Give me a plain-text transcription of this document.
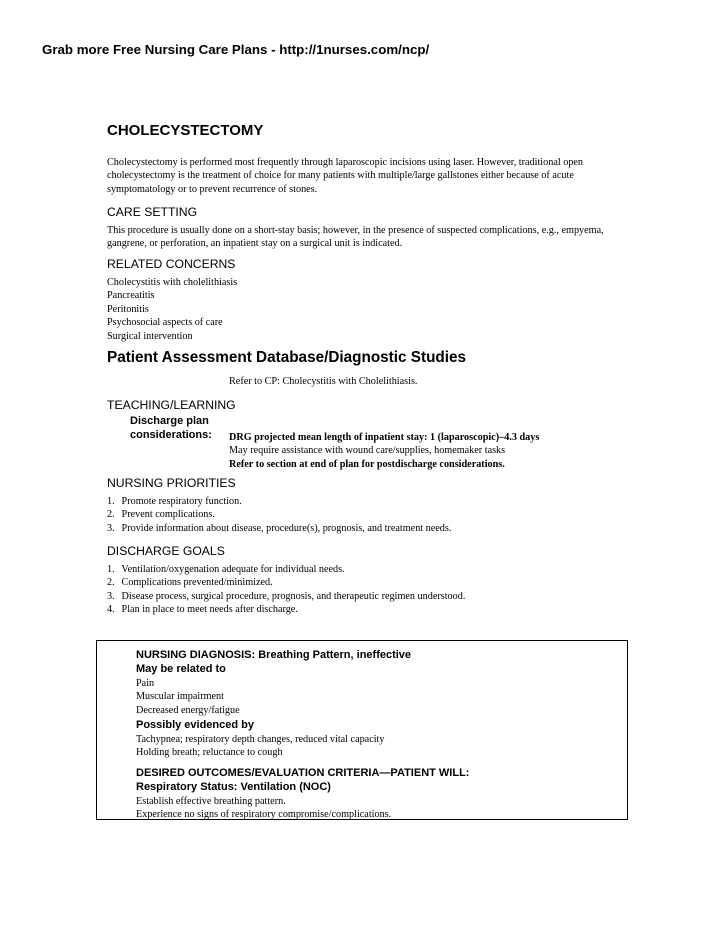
Grab more Free Nursing Care Plans - http://1nurses.com/ncp/
CHOLECYSTECTOMY
Cholecystectomy is performed most frequently through laparoscopic incisions using laser. However, traditional open cholecystectomy is the treatment of choice for many patients with multiple/large gallstones either because of acute symptomatology or to prevent recurrence of stones.
CARE SETTING
This procedure is usually done on a short-stay basis; however, in the presence of suspected complications, e.g., empyema, gangrene, or perforation, an inpatient stay on a surgical unit is indicated.
RELATED CONCERNS
Cholecystitis with cholelithiasis
Pancreatitis
Peritonitis
Psychosocial aspects of care
Surgical intervention
Patient Assessment Database/Diagnostic Studies
Refer to CP: Cholecystitis with Cholelithiasis.
TEACHING/LEARNING
Discharge plan
considerations: DRG projected mean length of inpatient stay: 1 (laparoscopic)–4.3 days
May require assistance with wound care/supplies, homemaker tasks
Refer to section at end of plan for postdischarge considerations.
NURSING PRIORITIES
1. Promote respiratory function.
2. Prevent complications.
3. Provide information about disease, procedure(s), prognosis, and treatment needs.
DISCHARGE GOALS
1. Ventilation/oxygenation adequate for individual needs.
2. Complications prevented/minimized.
3. Disease process, surgical procedure, prognosis, and therapeutic regimen understood.
4. Plan in place to meet needs after discharge.
NURSING DIAGNOSIS: Breathing Pattern, ineffective
May be related to
Pain
Muscular impairment
Decreased energy/fatigue
Possibly evidenced by
Tachypnea; respiratory depth changes, reduced vital capacity
Holding breath; reluctance to cough
DESIRED OUTCOMES/EVALUATION CRITERIA—PATIENT WILL:
Respiratory Status: Ventilation (NOC)
Establish effective breathing pattern.
Experience no signs of respiratory compromise/complications.
